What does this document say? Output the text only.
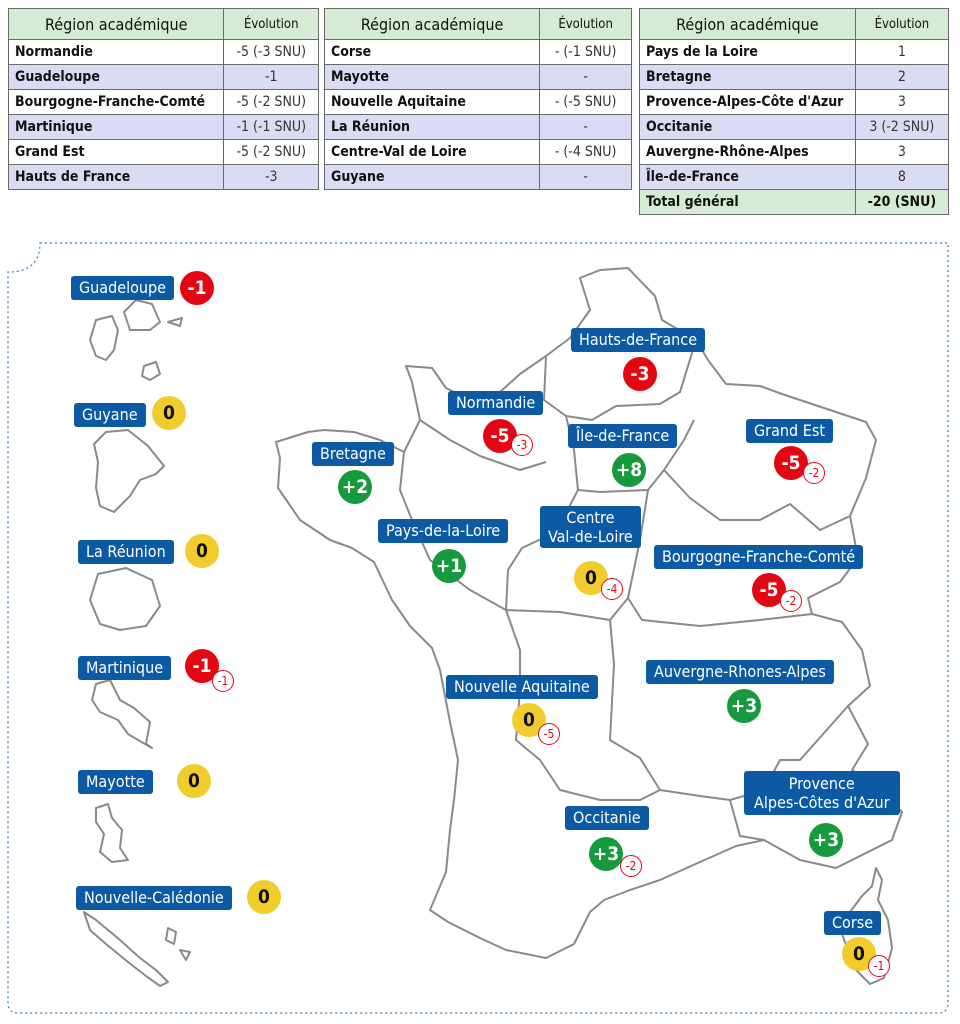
Région académique	Évolution
Normandie	-5 (-3 SNU)
Guadeloupe	-1
Bourgogne-Franche-Comté	-5 (-2 SNU)
Martinique	-1 (-1 SNU)
Grand Est	-5 (-2 SNU)
Hauts de France	-3
Région académique	Évolution
Corse	- (-1 SNU)
Mayotte	-
Nouvelle Aquitaine	- (-5 SNU)
La Réunion	-
Centre-Val de Loire	- (-4 SNU)
Guyane	-
Région académique	Évolution
Pays de la Loire	1
Bretagne	2
Provence-Alpes-Côte d'Azur	3
Occitanie	3 (-2 SNU)
Auvergne-Rhône-Alpes	3
Île-de-France	8
Total général	-20 (SNU)
Hauts-de-France
-3
Normandie
-5 -3	Île-de-France
+8
Grand Est
-5 -2
Bretagne
+2
Pays-de-la-Loire
+1
Centre
Val-de-Loire
0 -4
Bourgogne-Franche-Comté
-5 -2
Auvergne-Rhones-Alpes
+3
Nouvelle Aquitaine
0
-5
Provence
Alpes-Côtes d'Azur
+3
Occitanie
+3
-2
Corse
0
-1
Guadeloupe	-1
Guyane	0
La Réunion	0
Martinique	-1
-1
Mayotte	0
Nouvelle-Calédonie	0
